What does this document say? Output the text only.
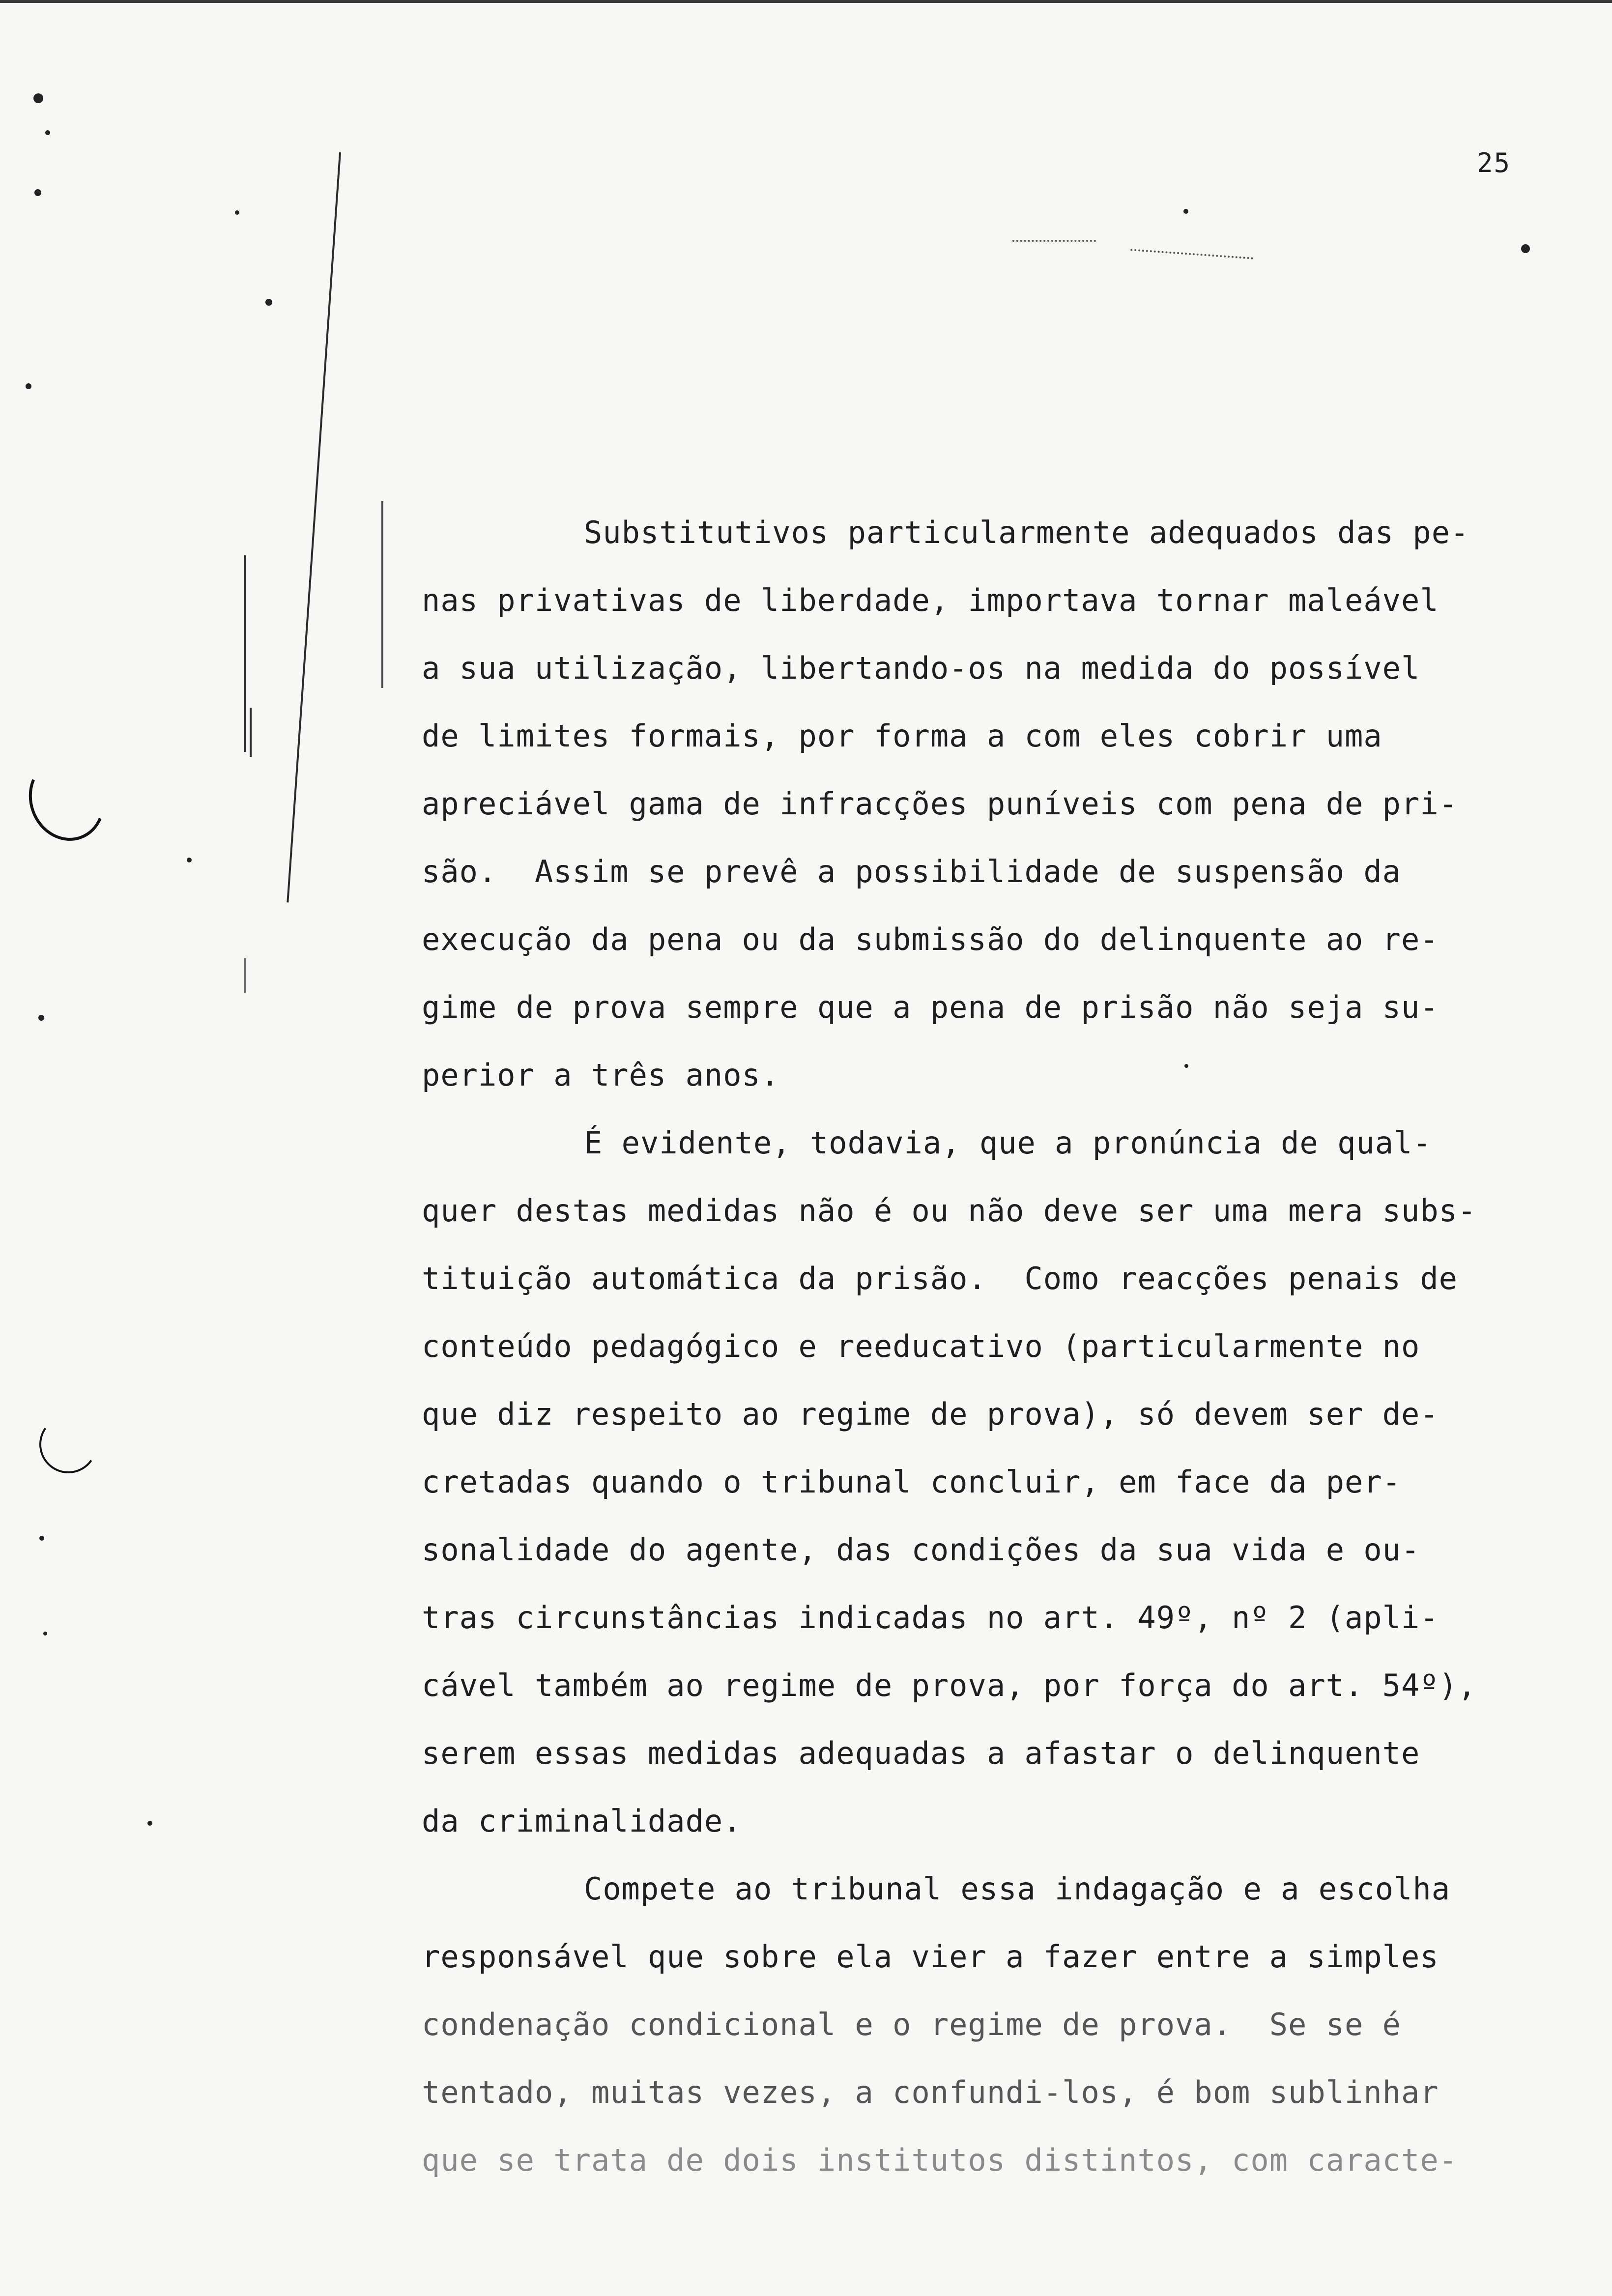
25
Substitutivos particularmente adequados das pe-
nas privativas de liberdade, importava tornar maleável
a sua utilização, libertando-os na medida do possível
de limites formais, por forma a com eles cobrir uma
apreciável gama de infracções puníveis com pena de pri-
são.  Assim se prevê a possibilidade de suspensão da
execução da pena ou da submissão do delinquente ao re-
gime de prova sempre que a pena de prisão não seja su-
perior a três anos.
É evidente, todavia, que a pronúncia de qual-
quer destas medidas não é ou não deve ser uma mera subs-
tituição automática da prisão.  Como reacções penais de
conteúdo pedagógico e reeducativo (particularmente no
que diz respeito ao regime de prova), só devem ser de-
cretadas quando o tribunal concluir, em face da per-
sonalidade do agente, das condições da sua vida e ou-
tras circunstâncias indicadas no art. 49º, nº 2 (apli-
cável também ao regime de prova, por força do art. 54º),
serem essas medidas adequadas a afastar o delinquente
da criminalidade.
Compete ao tribunal essa indagação e a escolha
responsável que sobre ela vier a fazer entre a simples
condenação condicional e o regime de prova.  Se se é
tentado, muitas vezes, a confundi-los, é bom sublinhar
que se trata de dois institutos distintos, com caracte-
